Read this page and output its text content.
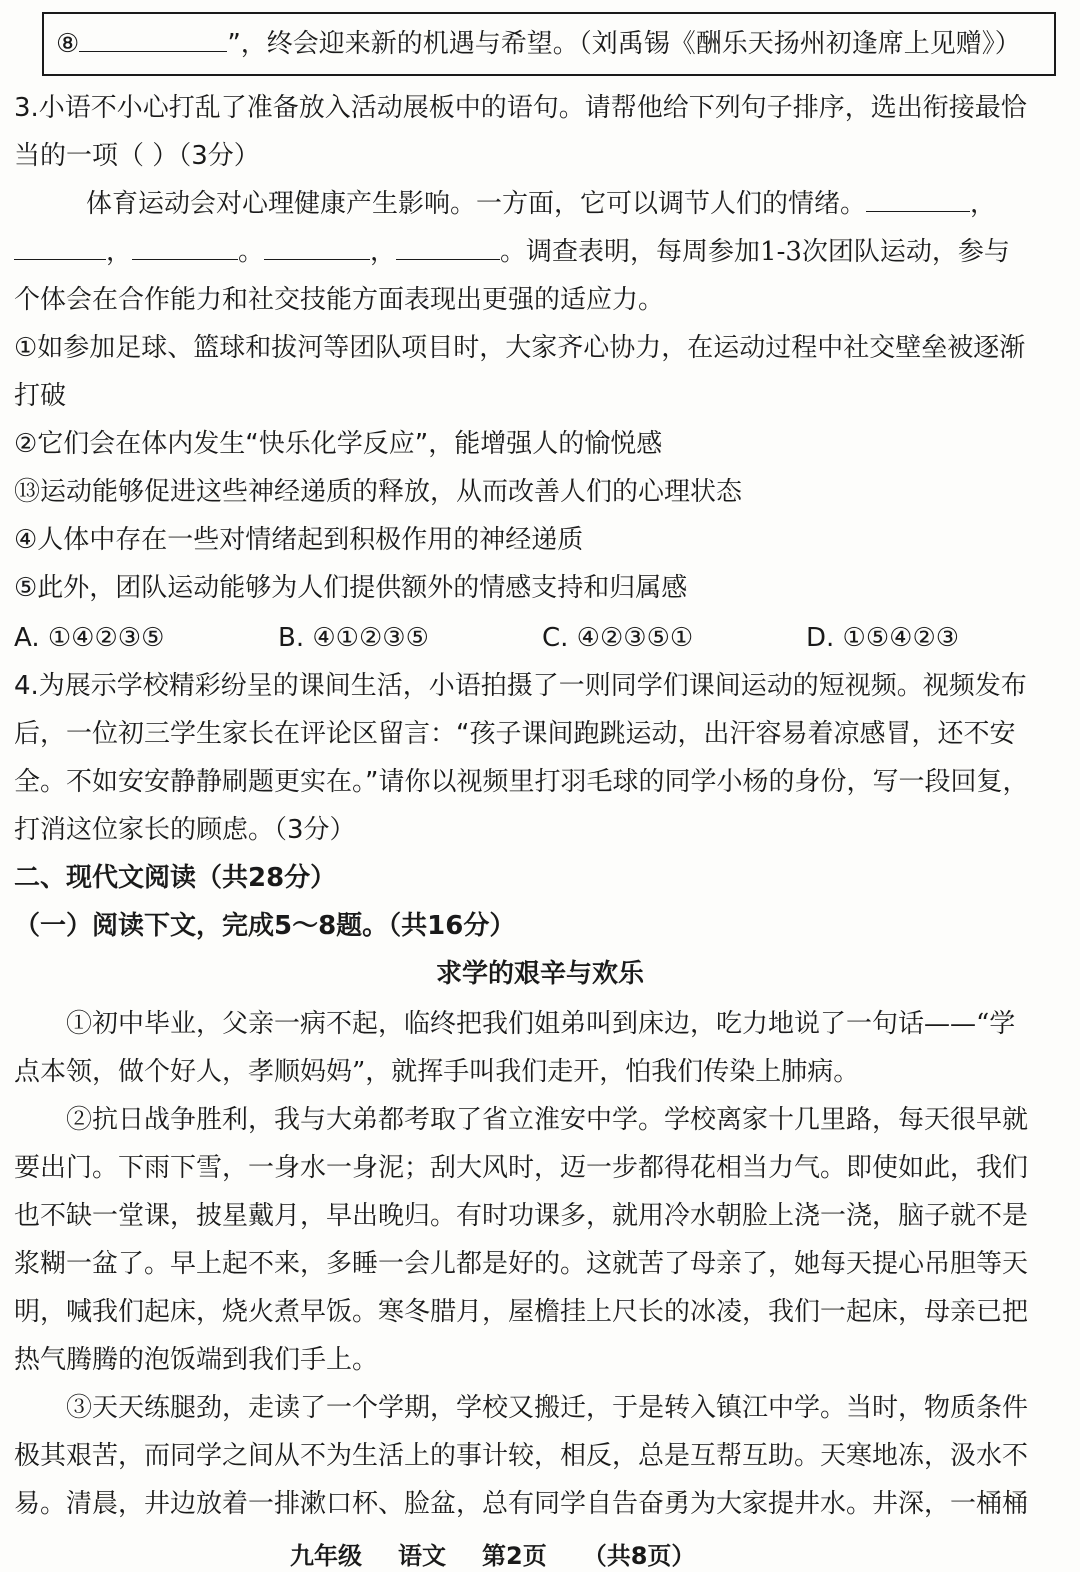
⑧	”，终会迎来新的机遇与希望。（刘禹锡《酬乐天扬州初逢席上见赠》）
3.小语不小心打乱了准备放入活动展板中的语句。请帮他给下列句子排序，选出衔接最恰
当的一项（ ）（3分）
体育运动会对心理健康产生影响。一方面，它可以调节人们的情绪。	，
，	。	，	。调查表明，每周参加1-3次团队运动，参与
个体会在合作能力和社交技能方面表现出更强的适应力。
①如参加足球、篮球和拔河等团队项目时，大家齐心协力，在运动过程中社交壁垒被逐渐
打破
②它们会在体内发生“快乐化学反应”，能增强人的愉悦感
⑬运动能够促进这些神经递质的释放，从而改善人们的心理状态
④人体中存在一些对情绪起到积极作用的神经递质
⑤此外，团队运动能够为人们提供额外的情感支持和归属感
A. ①④②③⑤	B. ④①②③⑤	C. ④②③⑤①	D. ①⑤④②③
4.为展示学校精彩纷呈的课间生活，小语拍摄了一则同学们课间运动的短视频。视频发布
后，一位初三学生家长在评论区留言：“孩子课间跑跳运动，出汗容易着凉感冒，还不安
全。不如安安静静刷题更实在。”请你以视频里打羽毛球的同学小杨的身份，写一段回复，
打消这位家长的顾虑。（3分）
二、现代文阅读（共28分）
（一）阅读下文，完成5～8题。（共16分）
求学的艰辛与欢乐
①初中毕业，父亲一病不起，临终把我们姐弟叫到床边，吃力地说了一句话——“学
点本领，做个好人，孝顺妈妈”，就挥手叫我们走开，怕我们传染上肺病。
②抗日战争胜利，我与大弟都考取了省立淮安中学。学校离家十几里路，每天很早就
要出门。下雨下雪，一身水一身泥；刮大风时，迈一步都得花相当力气。即使如此，我们
也不缺一堂课，披星戴月，早出晚归。有时功课多，就用冷水朝脸上浇一浇，脑子就不是
浆糊一盆了。早上起不来，多睡一会儿都是好的。这就苦了母亲了，她每天提心吊胆等天
明，喊我们起床，烧火煮早饭。寒冬腊月，屋檐挂上尺长的冰凌，我们一起床，母亲已把
热气腾腾的泡饭端到我们手上。
③天天练腿劲，走读了一个学期，学校又搬迁，于是转入镇江中学。当时，物质条件
极其艰苦，而同学之间从不为生活上的事计较，相反，总是互帮互助。天寒地冻，汲水不
易。清晨，井边放着一排漱口杯、脸盆，总有同学自告奋勇为大家提井水。井深，一桶桶
九年级 语文 第2页 （共8页）
